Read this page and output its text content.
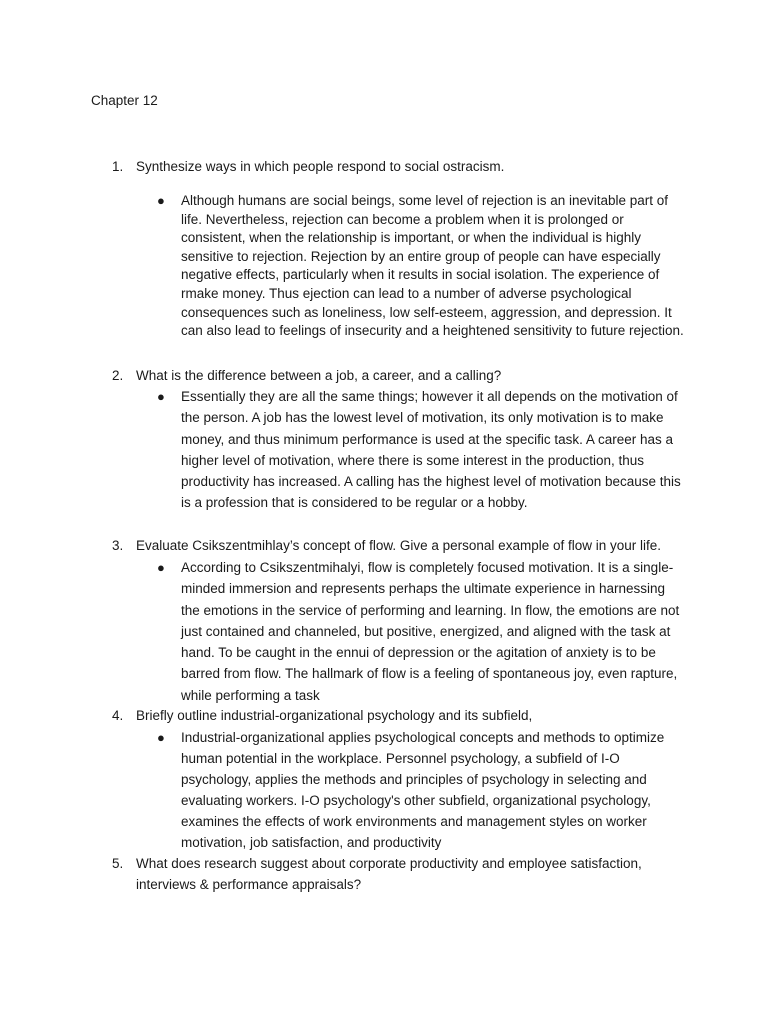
Chapter 12
1. Synthesize ways in which people respond to social ostracism.
●	Although humans are social beings, some level of rejection is an inevitable part of life. Nevertheless, rejection can become a problem when it is prolonged or consistent, when the relationship is important, or when the individual is highly sensitive to rejection. Rejection by an entire group of people can have especially negative effects, particularly when it results in social isolation. The experience of rmake money. Thus ejection can lead to a number of adverse psychological consequences such as loneliness, low self-esteem, aggression, and depression. It can also lead to feelings of insecurity and a heightened sensitivity to future rejection.
2. What is the difference between a job, a career, and a calling?
●	Essentially they are all the same things; however it all depends on the motivation of the person. A job has the lowest level of motivation, its only motivation is to make money, and thus minimum performance is used at the specific task. A career has a higher level of motivation, where there is some interest in the production, thus productivity has increased. A calling has the highest level of motivation because this is a profession that is considered to be regular or a hobby.
3. Evaluate Csikszentmihlay’s concept of flow. Give a personal example of flow in your life.
●	According to Csikszentmihalyi, flow is completely focused motivation. It is a single-minded immersion and represents perhaps the ultimate experience in harnessing the emotions in the service of performing and learning. In flow, the emotions are not just contained and channeled, but positive, energized, and aligned with the task at hand. To be caught in the ennui of depression or the agitation of anxiety is to be barred from flow. The hallmark of flow is a feeling of spontaneous joy, even rapture, while performing a task
4. Briefly outline industrial-organizational psychology and its subfield,
●	Industrial-organizational applies psychological concepts and methods to optimize human potential in the workplace. Personnel psychology, a subfield of I-O psychology, applies the methods and principles of psychology in selecting and evaluating workers. I-O psychology's other subfield, organizational psychology, examines the effects of work environments and management styles on worker motivation, job satisfaction, and productivity
5. What does research suggest about corporate productivity and employee satisfaction, interviews & performance appraisals?
